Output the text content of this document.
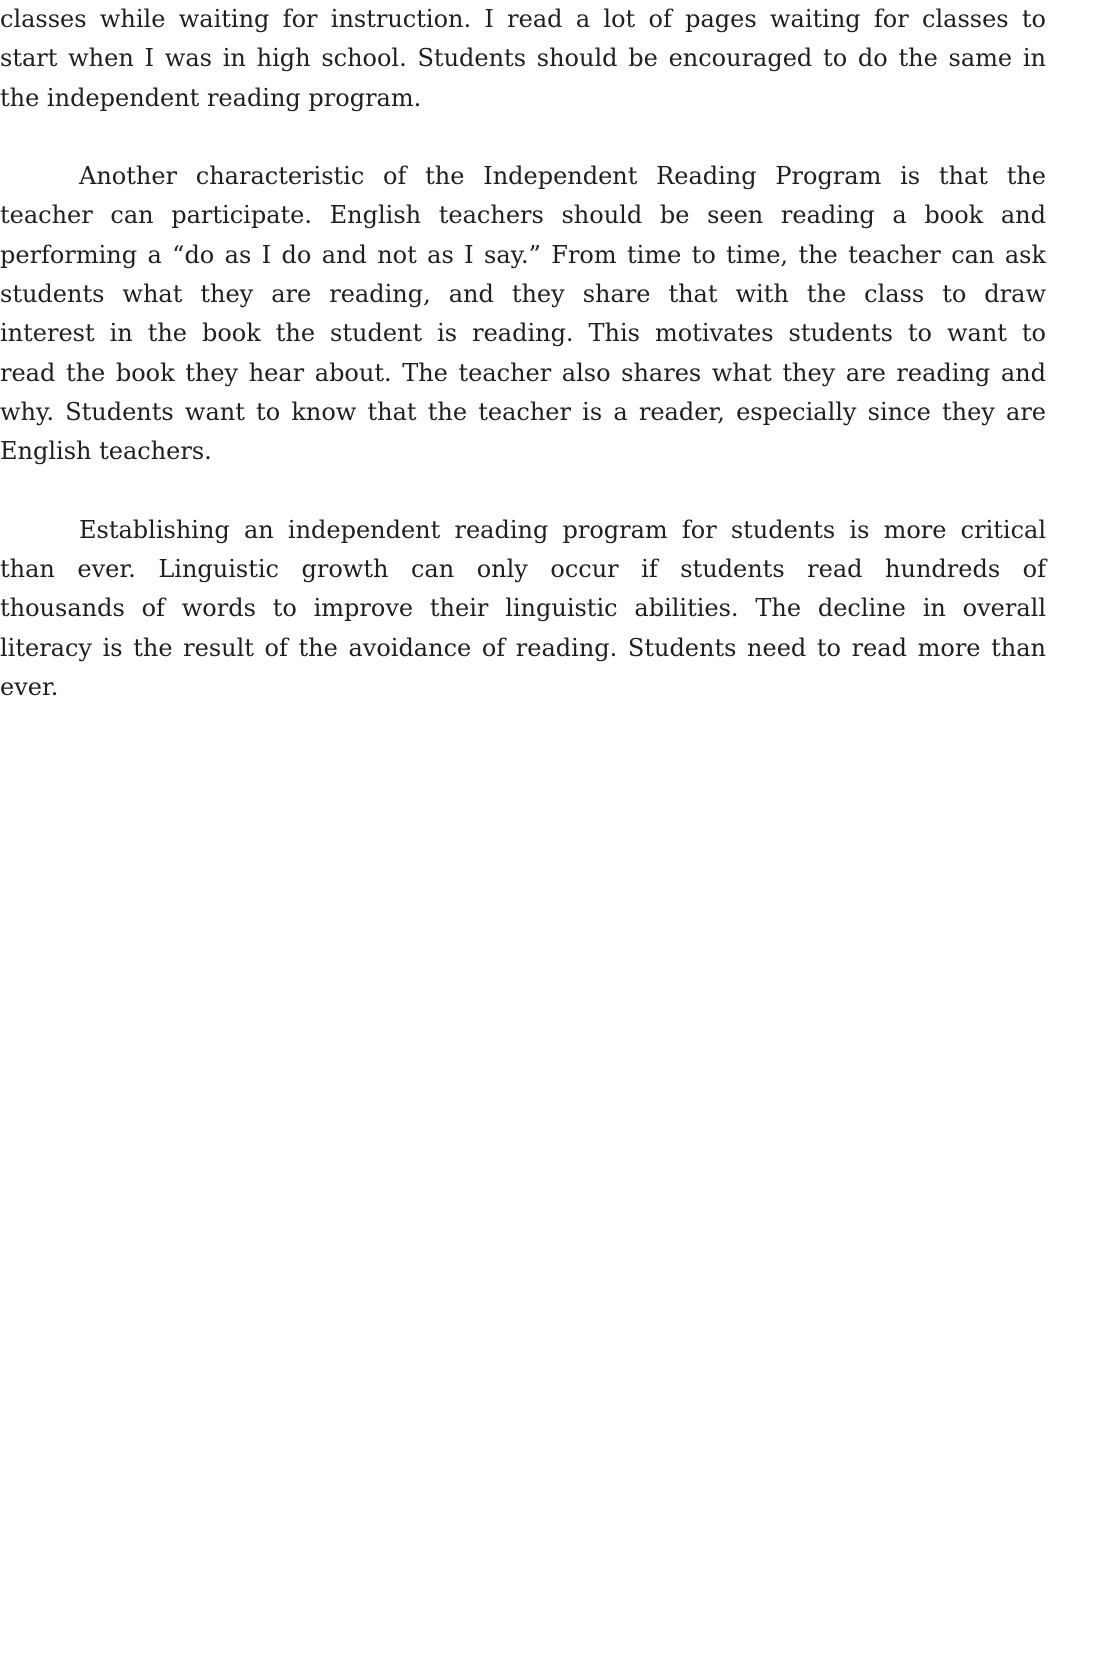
classes while waiting for instruction. I read a lot of pages waiting for classes to
start when I was in high school. Students should be encouraged to do the same in
the independent reading program.
Another characteristic of the Independent Reading Program is that the
teacher can participate. English teachers should be seen reading a book and
performing a “do as I do and not as I say.” From time to time, the teacher can ask
students what they are reading, and they share that with the class to draw
interest in the book the student is reading. This motivates students to want to
read the book they hear about. The teacher also shares what they are reading and
why. Students want to know that the teacher is a reader, especially since they are
English teachers.
Establishing an independent reading program for students is more critical
than ever. Linguistic growth can only occur if students read hundreds of
thousands of words to improve their linguistic abilities. The decline in overall
literacy is the result of the avoidance of reading. Students need to read more than
ever.
